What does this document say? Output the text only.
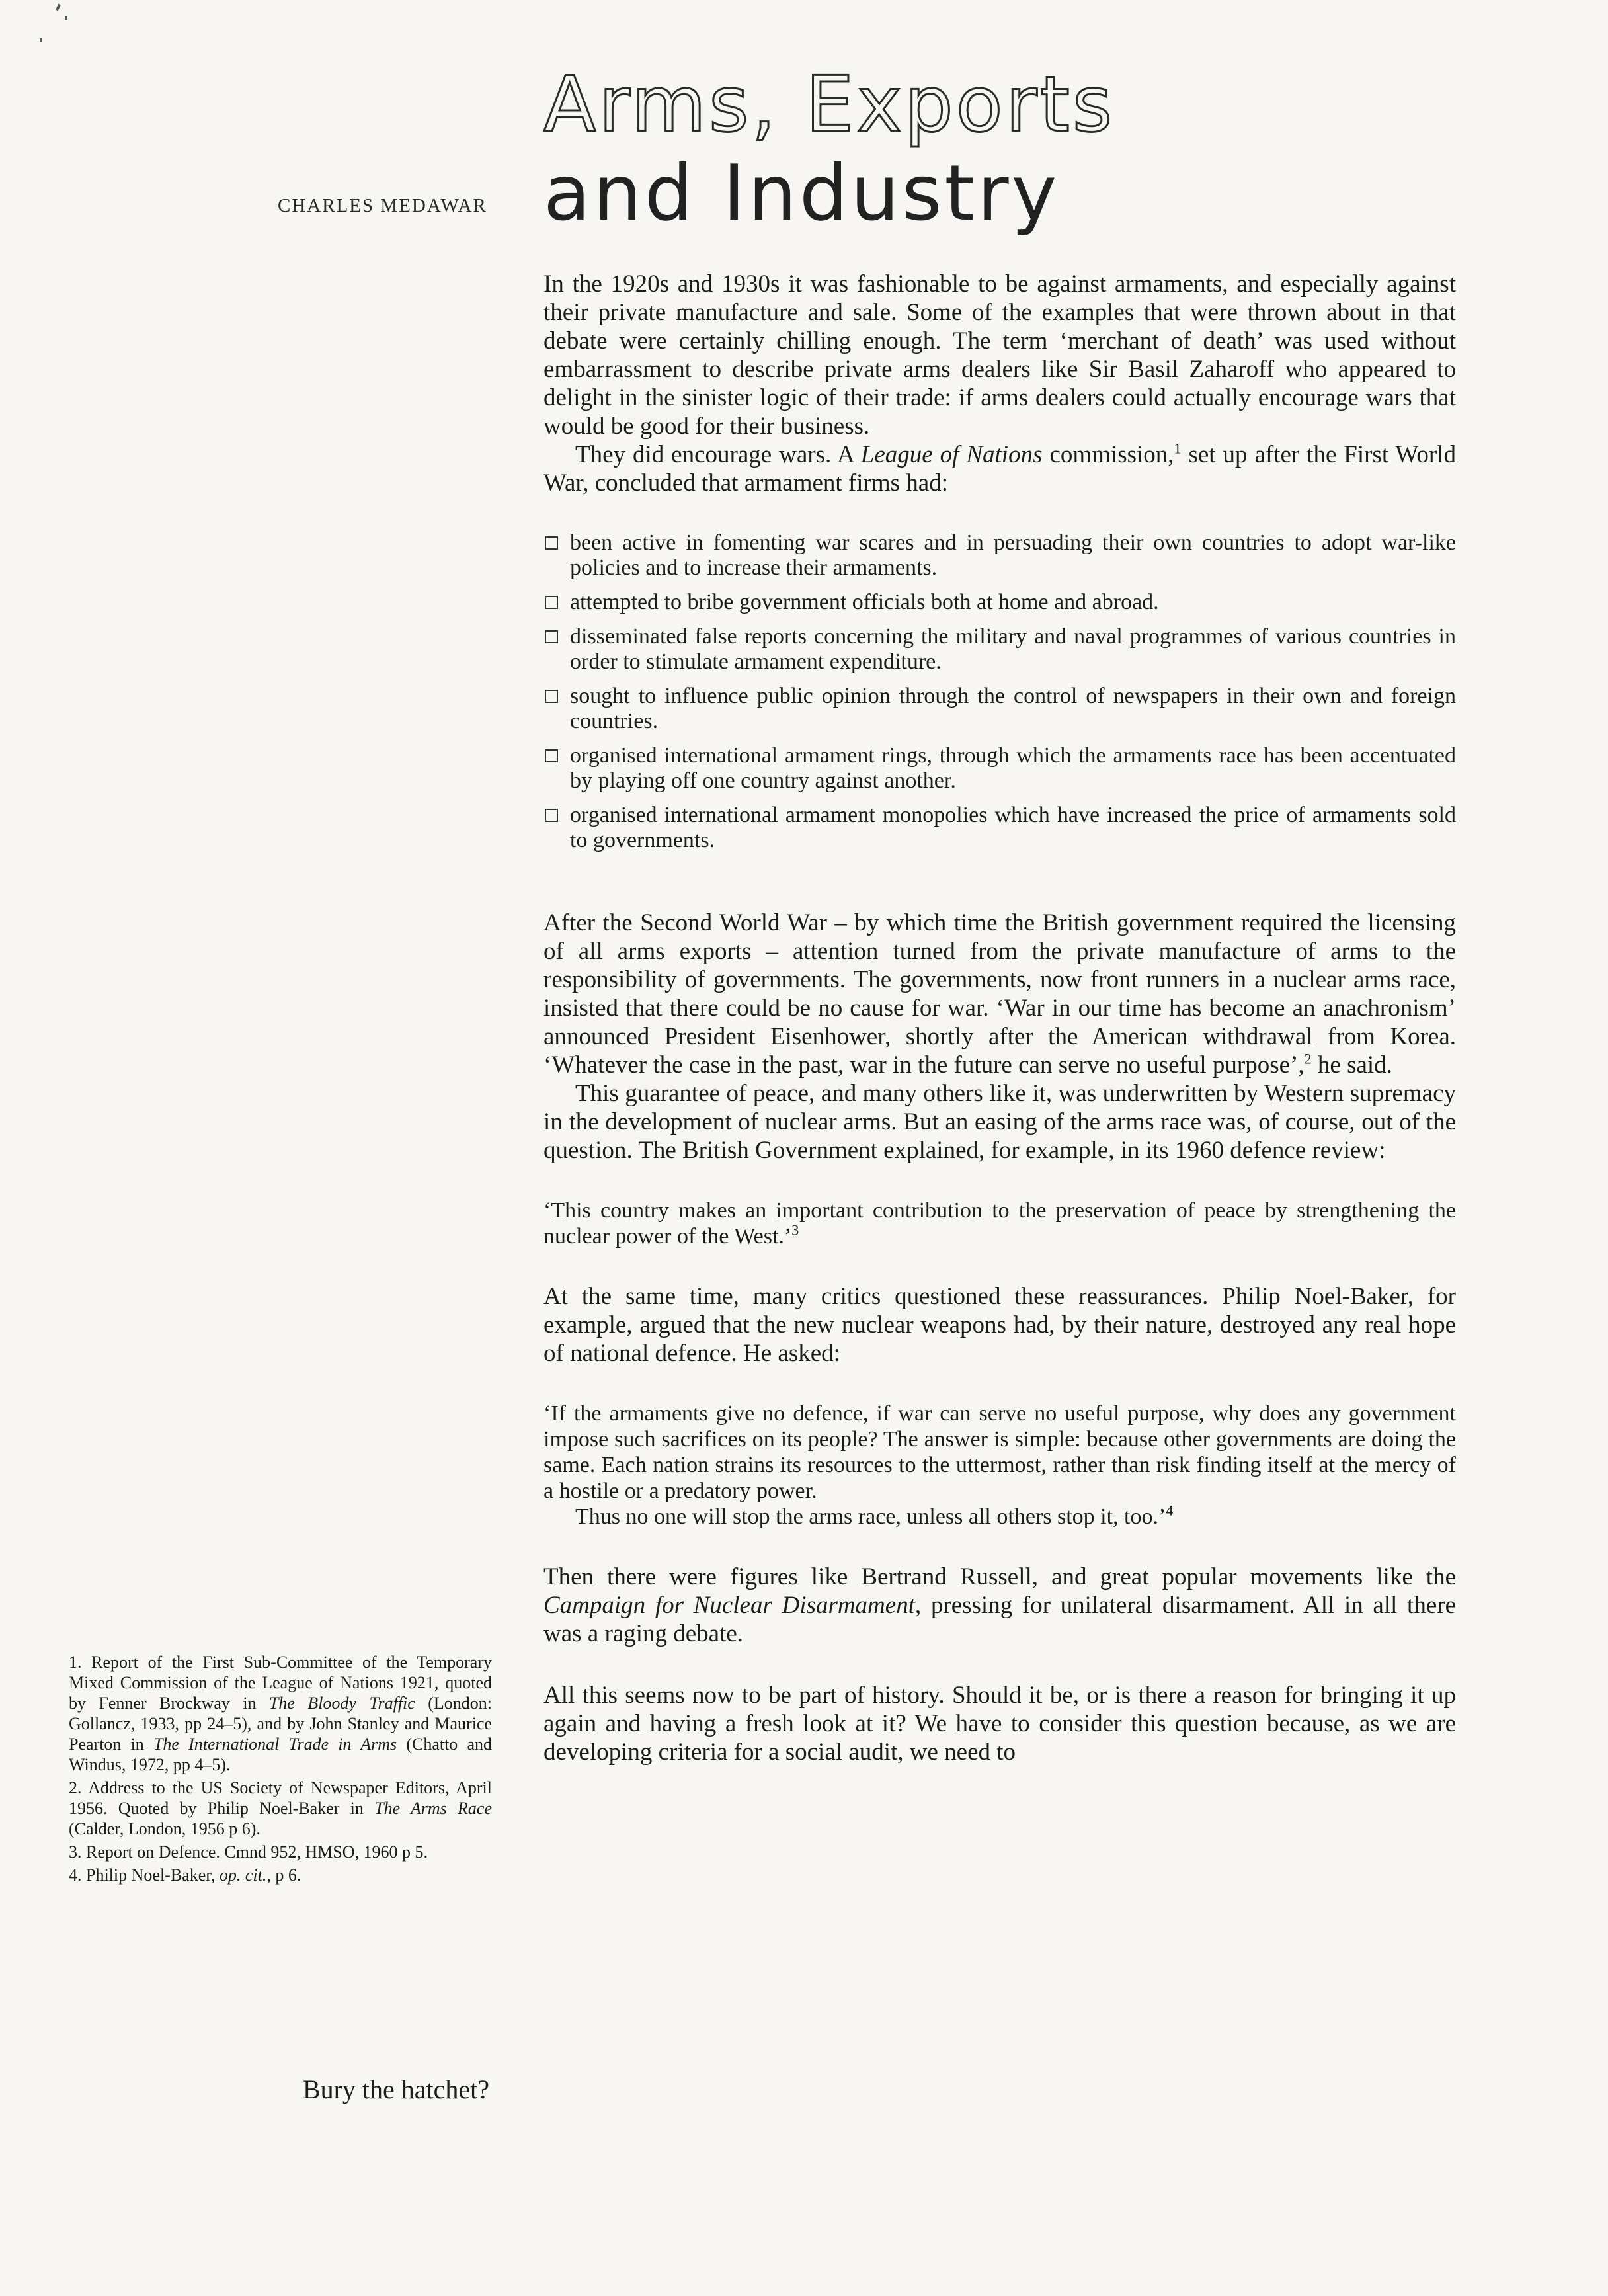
Arms, Exports
and Industry
CHARLES MEDAWAR

In the 1920s and 1930s it was fashionable to be against armaments, and especially against their private manufacture and sale. Some of the examples that were thrown about in that debate were certainly chilling enough. The term ‘merchant of death’ was used without embarrassment to describe private arms dealers like Sir Basil Zaharoff who appeared to delight in the sinister logic of their trade: if arms dealers could actually encourage wars that would be good for their business.

They did encourage wars. A League of Nations commission,$^1$ set up after the First World War, concluded that armament firms had:

been active in fomenting war scares and in persuading their own countries to adopt war-like policies and to increase their armaments.
attempted to bribe government officials both at home and abroad.
disseminated false reports concerning the military and naval programmes of various countries in order to stimulate armament expenditure.
sought to influence public opinion through the control of newspapers in their own and foreign countries.
organised international armament rings, through which the armaments race has been accentuated by playing off one country against another.
organised international armament monopolies which have increased the price of armaments sold to governments.

After the Second World War – by which time the British government required the licensing of all arms exports – attention turned from the private manufacture of arms to the responsibility of governments. The governments, now front runners in a nuclear arms race, insisted that there could be no cause for war. ‘War in our time has become an anachronism’ announced President Eisenhower, shortly after the American withdrawal from Korea. ‘Whatever the case in the past, war in the future can serve no useful purpose’,$^2$ he said.

This guarantee of peace, and many others like it, was underwritten by Western supremacy in the development of nuclear arms. But an easing of the arms race was, of course, out of the question. The British Government explained, for example, in its 1960 defence review:

‘This country makes an important contribution to the preservation of peace by strengthening the nuclear power of the West.’$^3$

At the same time, many critics questioned these reassurances. Philip Noel-Baker, for example, argued that the new nuclear weapons had, by their nature, destroyed any real hope of national defence. He asked:

‘If the armaments give no defence, if war can serve no useful purpose, why does any government impose such sacrifices on its people? The answer is simple: because other governments are doing the same. Each nation strains its resources to the uttermost, rather than risk finding itself at the mercy of a hostile or a predatory power.

Thus no one will stop the arms race, unless all others stop it, too.’$^4$

Then there were figures like Bertrand Russell, and great popular movements like the Campaign for Nuclear Disarmament, pressing for unilateral disarmament. All in all there was a raging debate.

All this seems now to be part of history. Should it be, or is there a reason for bringing it up again and having a fresh look at it? We have to consider this question because, as we are developing criteria for a social audit, we need to

1. Report of the First Sub-Committee of the Temporary Mixed Commission of the League of Nations 1921, quoted by Fenner Brockway in The Bloody Traffic (London: Gollancz, 1933, pp 24–5), and by John Stanley and Maurice Pearton in The International Trade in Arms (Chatto and Windus, 1972, pp 4–5).

2. Address to the US Society of Newspaper Editors, April 1956. Quoted by Philip Noel-Baker in The Arms Race (Calder, London, 1956 p 6).

3. Report on Defence. Cmnd 952, HMSO, 1960 p 5.

4. Philip Noel-Baker, op. cit., p 6.

Bury the hatchet?
